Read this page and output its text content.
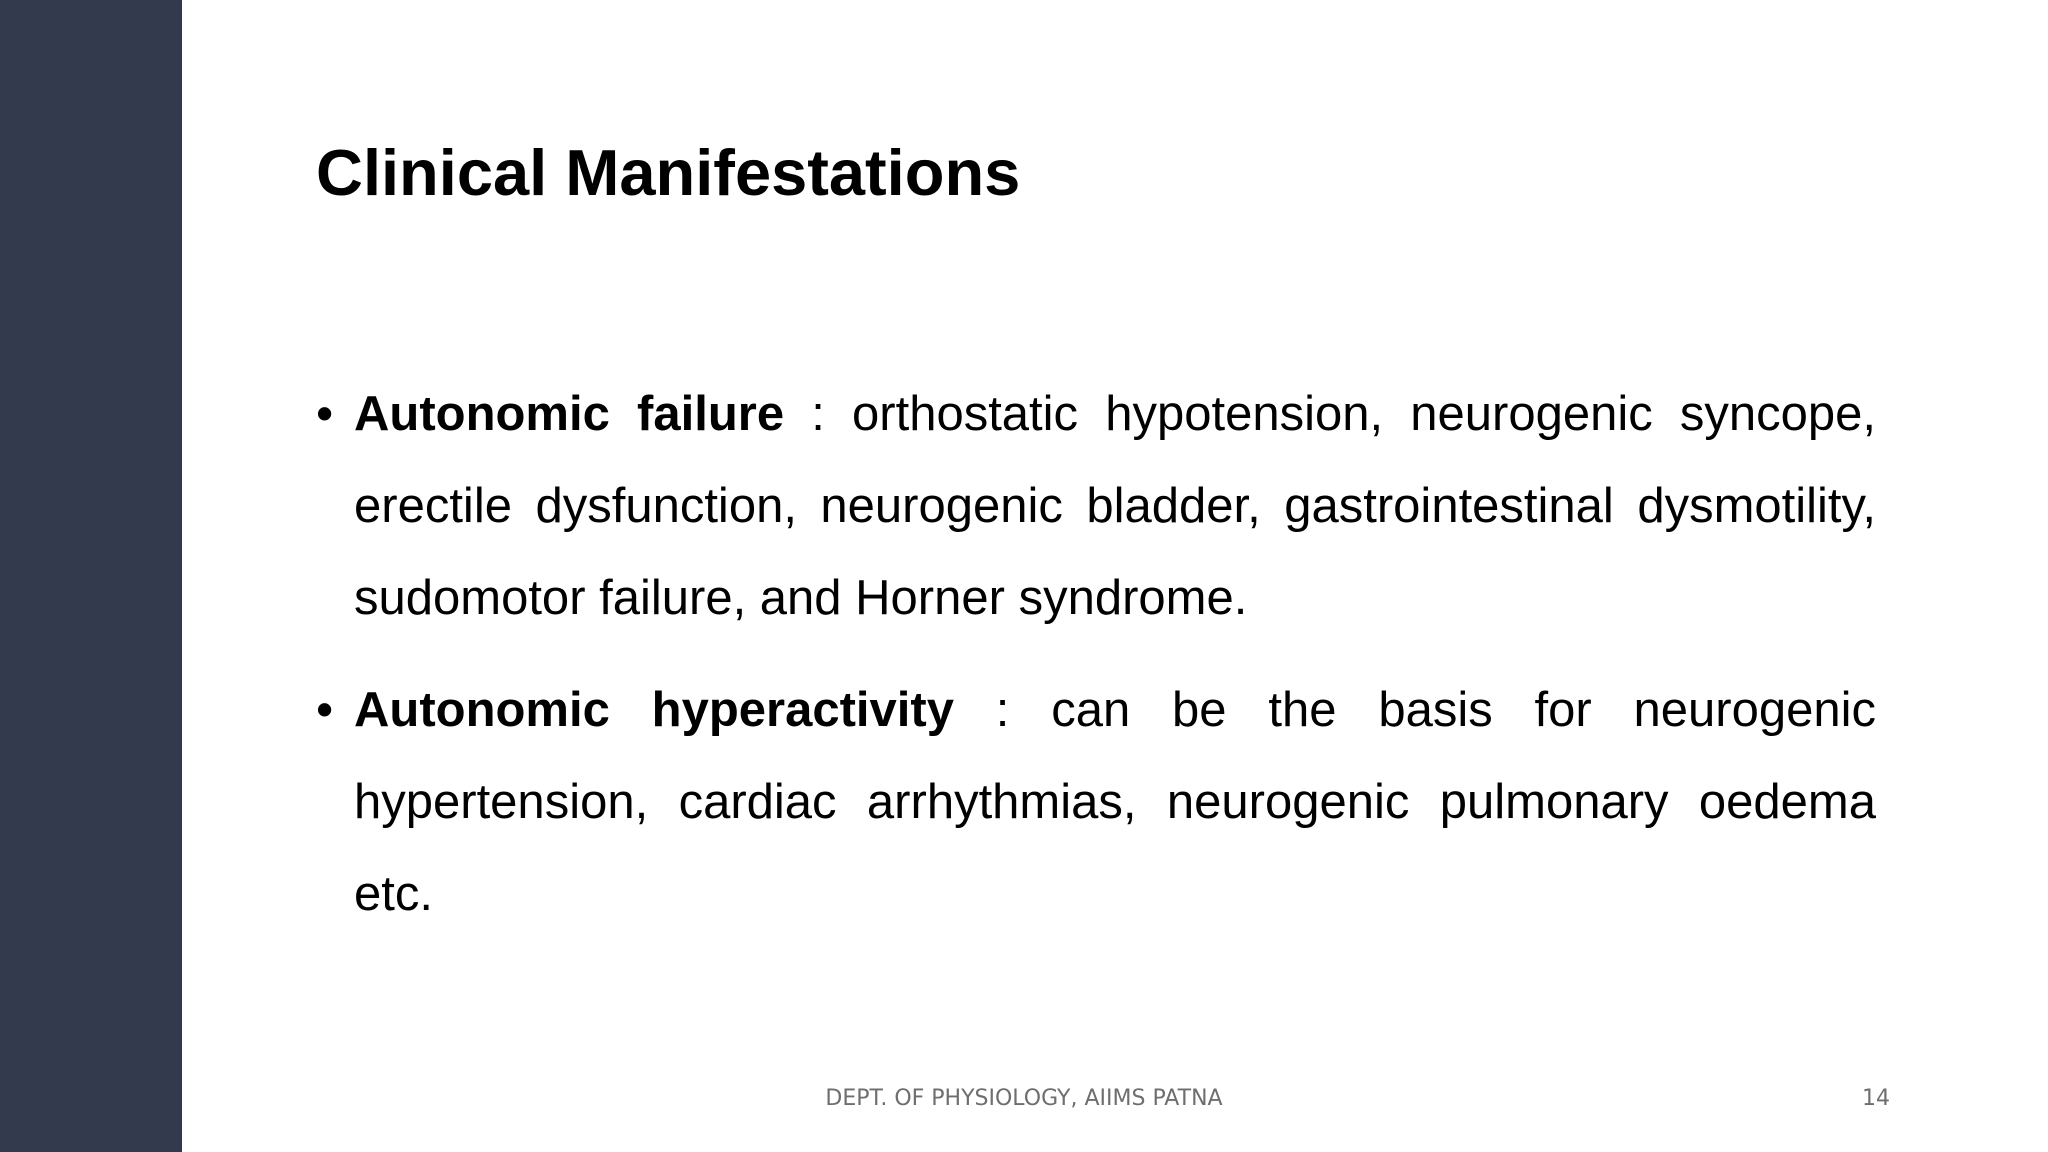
Clinical Manifestations
• Autonomic failure : orthostatic hypotension, neurogenic syncope, erectile dysfunction, neurogenic bladder, gastrointestinal dysmotility, sudomotor failure, and Horner syndrome.
• Autonomic hyperactivity : can be the basis for neurogenic hypertension, cardiac arrhythmias, neurogenic pulmonary oedema etc.
DEPT. OF PHYSIOLOGY, AIIMS PATNA	14
